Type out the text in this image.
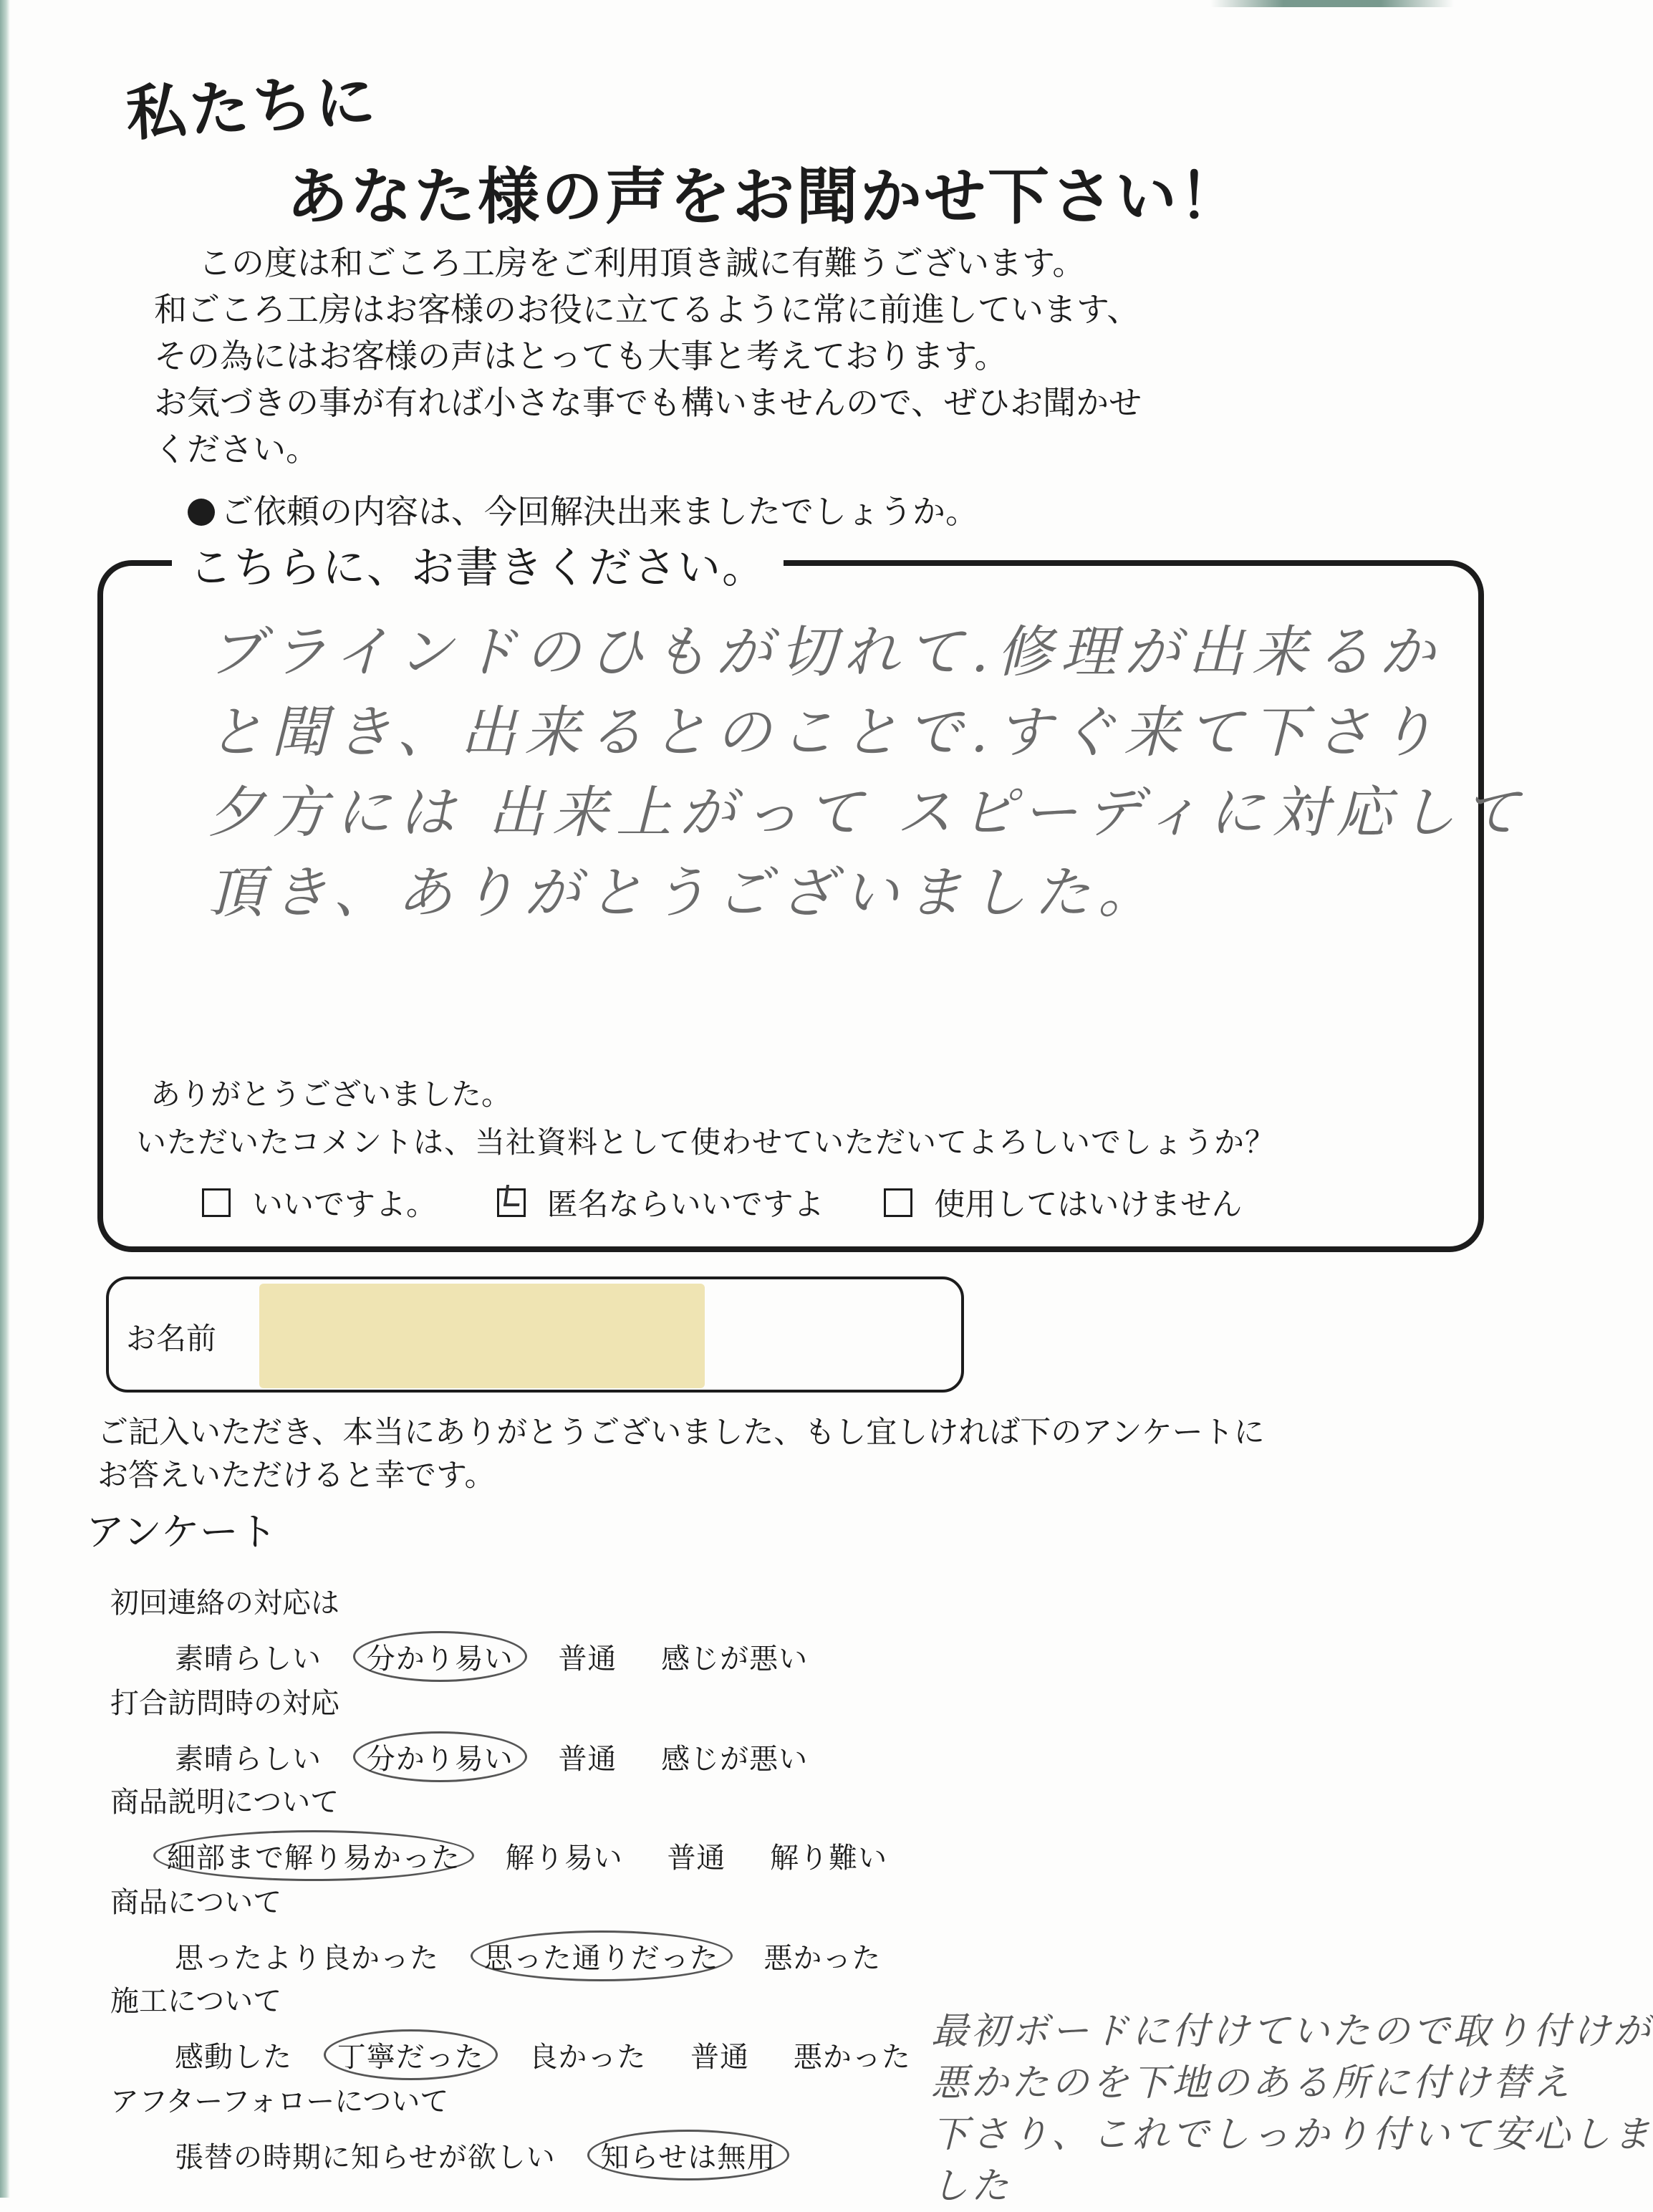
私たちに
あなた様の声をお聞かせ下さい！
この度は和ごころ工房をご利用頂き誠に有難うございます。
和ごころ工房はお客様のお役に立てるように常に前進しています、
その為にはお客様の声はとっても大事と考えております。
お気づきの事が有れば小さな事でも構いませんので、ぜひお聞かせ
ください。
ご依頼の内容は、今回解決出来ましたでしょうか。
こちらに、お書きください。
ブラインドのひもが切れて.修理が出来るか
と聞き、出来るとのことで.すぐ来て下さり
夕方には 出来上がって スピーディに対応して
頂き、ありがとうございました。
ありがとうございました。
いただいたコメントは、当社資料として使わせていただいてよろしいでしょうか？
いいですよ。
	匿名ならいいですよ
	使用してはいけません
お名前
ご記入いただき、本当にありがとうございました、もし宜しければ下のアンケートに
お答えいただけると幸です。
アンケート
初回連絡の対応は
素晴らしい 分かり易い 普通 感じが悪い
打合訪問時の対応
素晴らしい 分かり易い 普通 感じが悪い
商品説明について
細部まで解り易かった 解り易い 普通 解り難い
商品について
思ったより良かった 思った通りだった 悪かった
施工について
感動した 丁寧だった 良かった 普通 悪かった
アフターフォローについて
張替の時期に知らせが欲しい 知らせは無用
最初ボードに付けていたので取り付けが
悪かたのを下地のある所に付け替え
下さり、これでしっかり付いて安心しま
した
